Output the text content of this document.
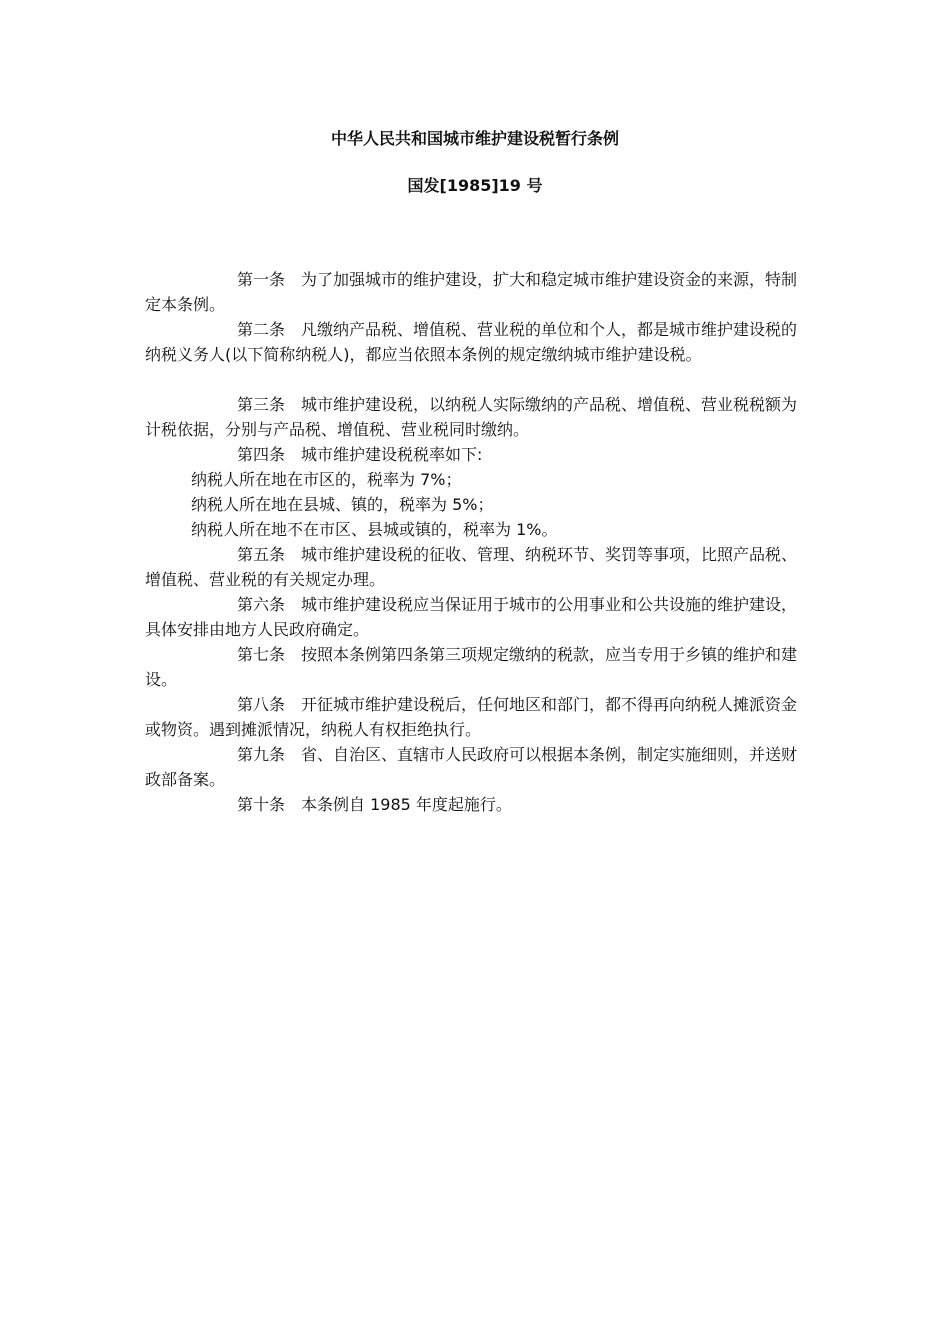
中华人民共和国城市维护建设税暂行条例
国发[1985]19 号

第一条 为了加强城市的维护建设，扩大和稳定城市维护建设资金的来源，特制定本条例。

第二条 凡缴纳产品税、增值税、营业税的单位和个人，都是城市维护建设税的纳税义务人(以下简称纳税人)，都应当依照本条例的规定缴纳城市维护建设税。

第三条 城市维护建设税，以纳税人实际缴纳的产品税、增值税、营业税税额为计税依据，分别与产品税、增值税、营业税同时缴纳。

第四条 城市维护建设税税率如下:

纳税人所在地在市区的，税率为 7%；

纳税人所在地在县城、镇的，税率为 5%；

纳税人所在地不在市区、县城或镇的，税率为 1%。

第五条 城市维护建设税的征收、管理、纳税环节、奖罚等事项，比照产品税、增值税、营业税的有关规定办理。

第六条 城市维护建设税应当保证用于城市的公用事业和公共设施的维护建设，具体安排由地方人民政府确定。

第七条 按照本条例第四条第三项规定缴纳的税款，应当专用于乡镇的维护和建设。

第八条 开征城市维护建设税后，任何地区和部门，都不得再向纳税人摊派资金或物资。遇到摊派情况，纳税人有权拒绝执行。

第九条 省、自治区、直辖市人民政府可以根据本条例，制定实施细则，并送财政部备案。

第十条 本条例自 1985 年度起施行。
